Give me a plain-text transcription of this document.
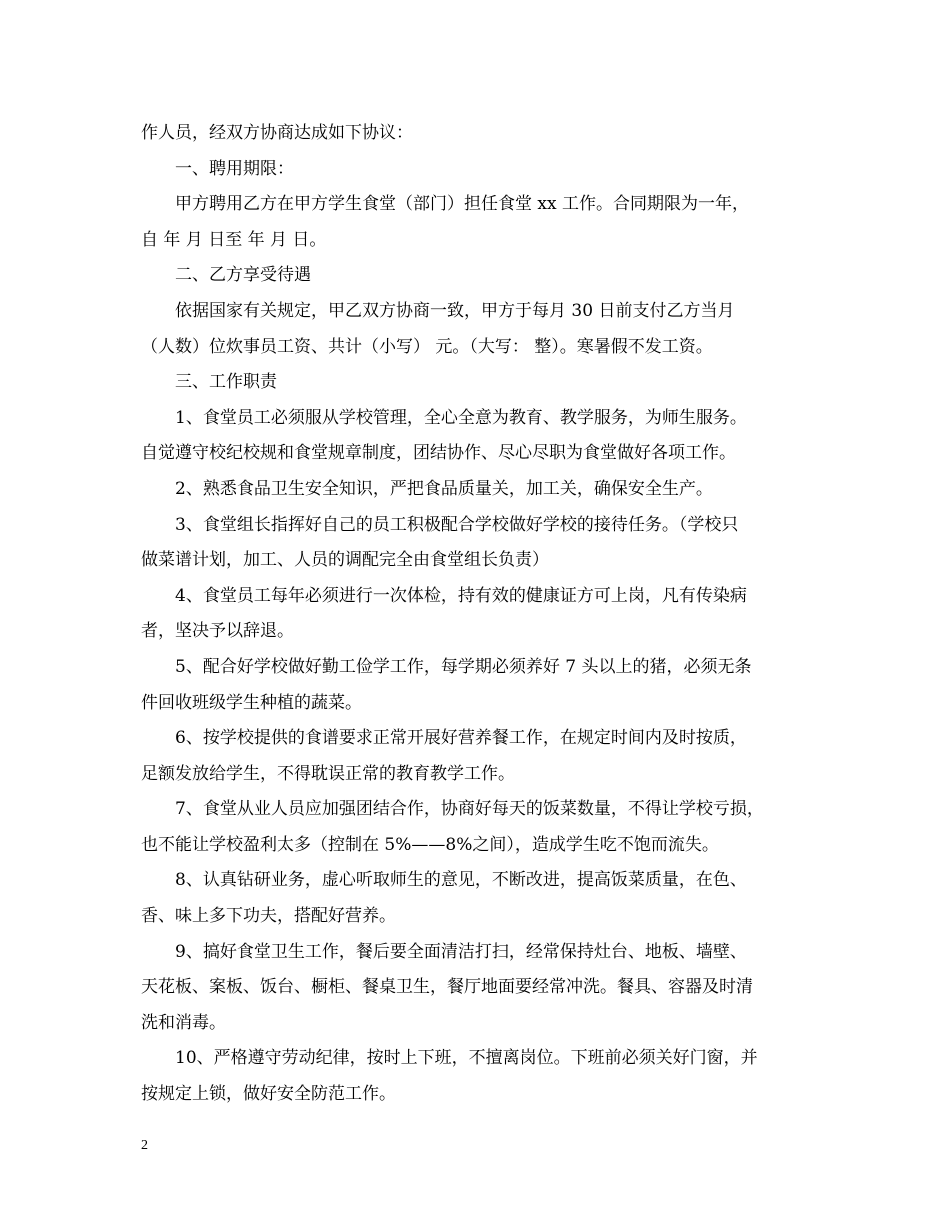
作人员，经双方协商达成如下协议：
一、聘用期限：
甲方聘用乙方在甲方学生食堂（部门）担任食堂 xx 工作。合同期限为一年，
自 年 月 日至 年 月 日。
二、乙方享受待遇
依据国家有关规定，甲乙双方协商一致，甲方于每月 30 日前支付乙方当月
（人数）位炊事员工资、共计（小写） 元。（大写： 整）。寒暑假不发工资。
三、工作职责
1、食堂员工必须服从学校管理，全心全意为教育、教学服务，为师生服务。
自觉遵守校纪校规和食堂规章制度，团结协作、尽心尽职为食堂做好各项工作。
2、熟悉食品卫生安全知识，严把食品质量关，加工关，确保安全生产。
3、食堂组长指挥好自己的员工积极配合学校做好学校的接待任务。（学校只
做菜谱计划，加工、人员的调配完全由食堂组长负责）
4、食堂员工每年必须进行一次体检，持有效的健康证方可上岗，凡有传染病
者，坚决予以辞退。
5、配合好学校做好勤工俭学工作，每学期必须养好 7 头以上的猪，必须无条
件回收班级学生种植的蔬菜。
6、按学校提供的食谱要求正常开展好营养餐工作，在规定时间内及时按质，
足额发放给学生，不得耽误正常的教育教学工作。
7、食堂从业人员应加强团结合作，协商好每天的饭菜数量，不得让学校亏损，
也不能让学校盈利太多（控制在 5%——8%之间），造成学生吃不饱而流失。
8、认真钻研业务，虚心听取师生的意见，不断改进，提高饭菜质量，在色、
香、味上多下功夫，搭配好营养。
9、搞好食堂卫生工作，餐后要全面清洁打扫，经常保持灶台、地板、墙壁、
天花板、案板、饭台、橱柜、餐桌卫生，餐厅地面要经常冲洗。餐具、容器及时清
洗和消毒。
10、严格遵守劳动纪律，按时上下班，不擅离岗位。下班前必须关好门窗，并
按规定上锁，做好安全防范工作。
2
